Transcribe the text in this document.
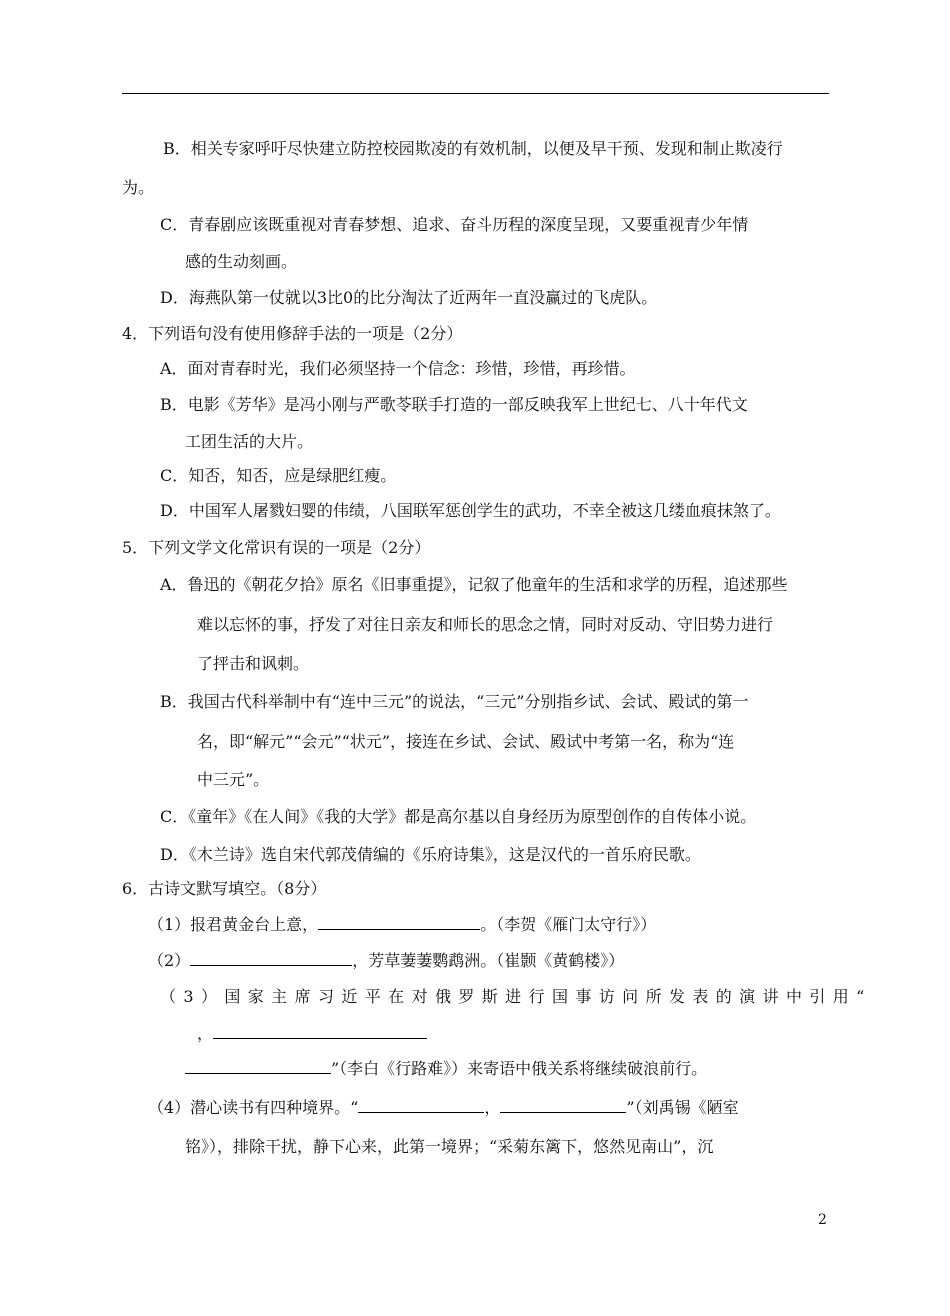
B．相关专家呼吁尽快建立防控校园欺凌的有效机制，以便及早干预、发现和制止欺凌行
为。
C．青春剧应该既重视对青春梦想、追求、奋斗历程的深度呈现，又要重视青少年情
感的生动刻画。
D．海燕队第一仗就以3比0的比分淘汰了近两年一直没赢过的飞虎队。
4．下列语句没有使用修辞手法的一项是（2分）
A．面对青春时光，我们必须坚持一个信念：珍惜，珍惜，再珍惜。
B．电影《芳华》是冯小刚与严歌苓联手打造的一部反映我军上世纪七、八十年代文
工团生活的大片。
C．知否，知否，应是绿肥红瘦。
D．中国军人屠戮妇婴的伟绩，八国联军惩创学生的武功，不幸全被这几缕血痕抹煞了。
5．下列文学文化常识有误的一项是（2分）
A．鲁迅的《朝花夕拾》原名《旧事重提》，记叙了他童年的生活和求学的历程，追述那些
难以忘怀的事，抒发了对往日亲友和师长的思念之情，同时对反动、守旧势力进行
了抨击和讽刺。
B．我国古代科举制中有“连中三元”的说法，“三元”分别指乡试、会试、殿试的第一
名，即“解元”“会元”“状元”，接连在乡试、会试、殿试中考第一名，称为“连
中三元”。
C．《童年》《在人间》《我的大学》都是高尔基以自身经历为原型创作的自传体小说。
D．《木兰诗》选自宋代郭茂倩编的《乐府诗集》，这是汉代的一首乐府民歌。
6．古诗文默写填空。（8分）
（1）报君黄金台上意，	。（李贺《雁门太守行》）
（2）	，芳草萋萋鹦鹉洲。（崔颢《黄鹤楼》）
（3）国家主席习近平在对俄罗斯进行国事访问所发表的演讲中引用“
，
”（李白《行路难》）来寄语中俄关系将继续破浪前行。
（4）潜心读书有四种境界。“	，	”（刘禹锡《陋室
铭》），排除干扰，静下心来，此第一境界；“采菊东篱下，悠然见南山”，沉
2
